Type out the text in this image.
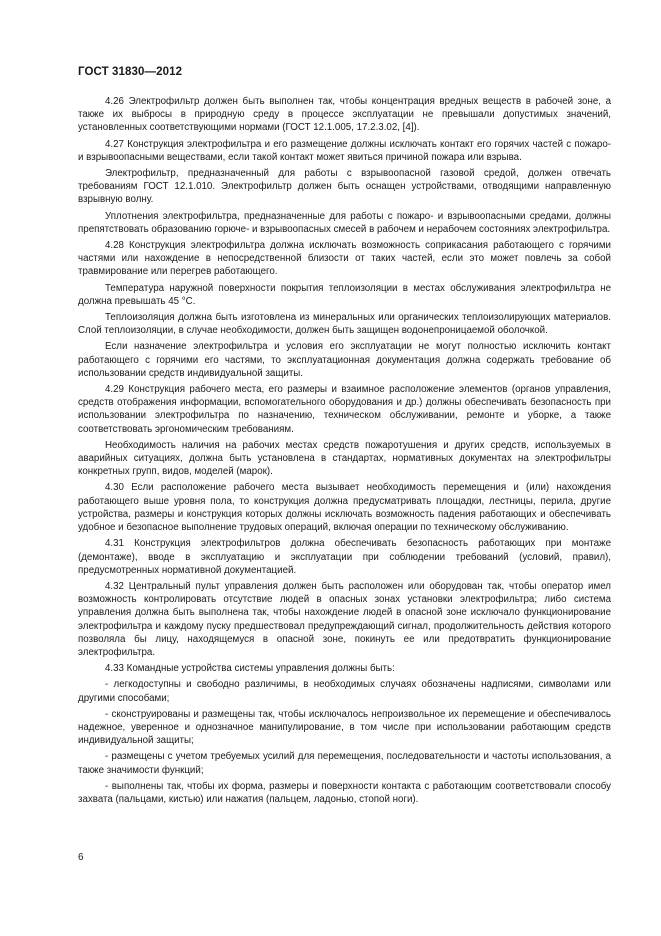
ГОСТ 31830—2012

4.26 Электрофильтр должен быть выполнен так, чтобы концентрация вредных веществ в рабочей зоне, а также их выбросы в природную среду в процессе эксплуатации не превышали допустимых значений, установленных соответствующими нормами (ГОСТ 12.1.005, 17.2.3.02, [4]).

4.27 Конструкция электрофильтра и его размещение должны исключать контакт его горячих частей с пожаро- и взрывоопасными веществами, если такой контакт может явиться причиной пожара или взрыва.

Электрофильтр, предназначенный для работы с взрывоопасной газовой средой, должен отвечать требованиям ГОСТ 12.1.010. Электрофильтр должен быть оснащен устройствами, отводящими направленную взрывную волну.

Уплотнения электрофильтра, предназначенные для работы с пожаро- и взрывоопасными средами, должны препятствовать образованию горюче- и взрывоопасных смесей в рабочем и нерабочем состояниях электрофильтра.

4.28 Конструкция электрофильтра должна исключать возможность соприкасания работающего с горячими частями или нахождение в непосредственной близости от таких частей, если это может повлечь за собой травмирование или перегрев работающего.

Температура наружной поверхности покрытия теплоизоляции в местах обслуживания электрофильтра не должна превышать 45 °С.

Теплоизоляция должна быть изготовлена из минеральных или органических теплоизолирующих материалов. Слой теплоизоляции, в случае необходимости, должен быть защищен водонепроницаемой оболочкой.

Если назначение электрофильтра и условия его эксплуатации не могут полностью исключить контакт работающего с горячими его частями, то эксплуатационная документация должна содержать требование об использовании средств индивидуальной защиты.

4.29 Конструкция рабочего места, его размеры и взаимное расположение элементов (органов управления, средств отображения информации, вспомогательного оборудования и др.) должны обеспечивать безопасность при использовании электрофильтра по назначению, техническом обслуживании, ремонте и уборке, а также соответствовать эргономическим требованиям.

Необходимость наличия на рабочих местах средств пожаротушения и других средств, используемых в аварийных ситуациях, должна быть установлена в стандартах, нормативных документах на электрофильтры конкретных групп, видов, моделей (марок).

4.30 Если расположение рабочего места вызывает необходимость перемещения и (или) нахождения работающего выше уровня пола, то конструкция должна предусматривать площадки, лестницы, перила, другие устройства, размеры и конструкция которых должны исключать возможность падения работающих и обеспечивать удобное и безопасное выполнение трудовых операций, включая операции по техническому обслуживанию.

4.31 Конструкция электрофильтров должна обеспечивать безопасность работающих при монтаже (демонтаже), вводе в эксплуатацию и эксплуатации при соблюдении требований (условий, правил), предусмотренных нормативной документацией.

4.32 Центральный пульт управления должен быть расположен или оборудован так, чтобы оператор имел возможность контролировать отсутствие людей в опасных зонах установки электрофильтра; либо система управления должна быть выполнена так, чтобы нахождение людей в опасной зоне исключало функционирование электрофильтра и каждому пуску предшествовал предупреждающий сигнал, продолжительность действия которого позволяла бы лицу, находящемуся в опасной зоне, покинуть ее или предотвратить функционирование электрофильтра.

4.33 Командные устройства системы управления должны быть:

- легкодоступны и свободно различимы, в необходимых случаях обозначены надписями, символами или другими способами;

- сконструированы и размещены так, чтобы исключалось непроизвольное их перемещение и обеспечивалось надежное, уверенное и однозначное манипулирование, в том числе при использовании работающим средств индивидуальной защиты;

- размещены с учетом требуемых усилий для перемещения, последовательности и частоты использования, а также значимости функций;

- выполнены так, чтобы их форма, размеры и поверхности контакта с работающим соответствовали способу захвата (пальцами, кистью) или нажатия (пальцем, ладонью, стопой ноги).

6
